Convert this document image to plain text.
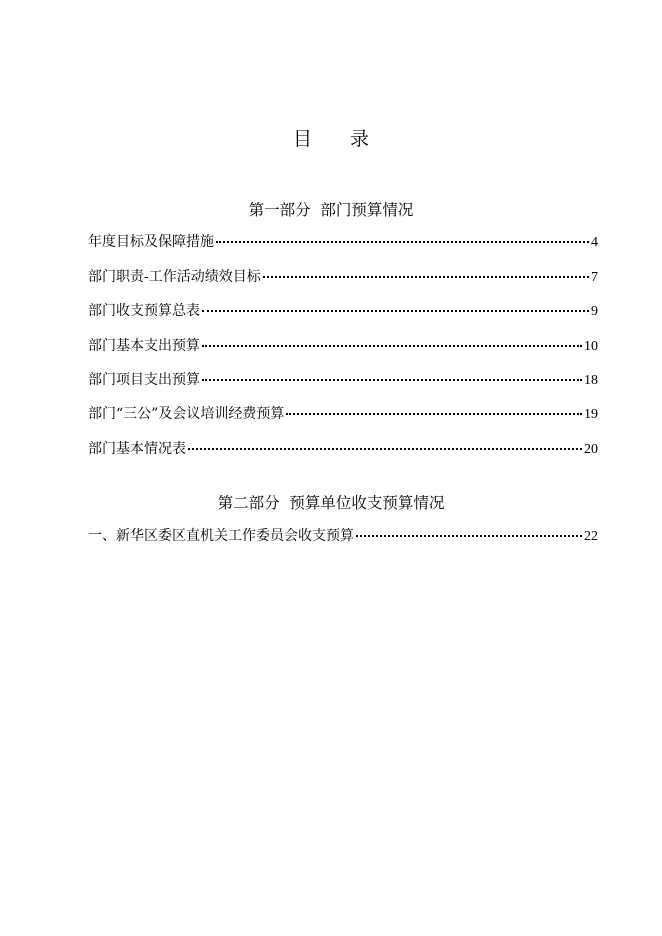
目 录
第一部分  部门预算情况
年度目标及保障措施	4
部门职责-工作活动绩效目标	7
部门收支预算总表	9
部门基本支出预算	10
部门项目支出预算	18
部门“三公”及会议培训经费预算	19
部门基本情况表	20
第二部分  预算单位收支预算情况
一、新华区委区直机关工作委员会收支预算	22
